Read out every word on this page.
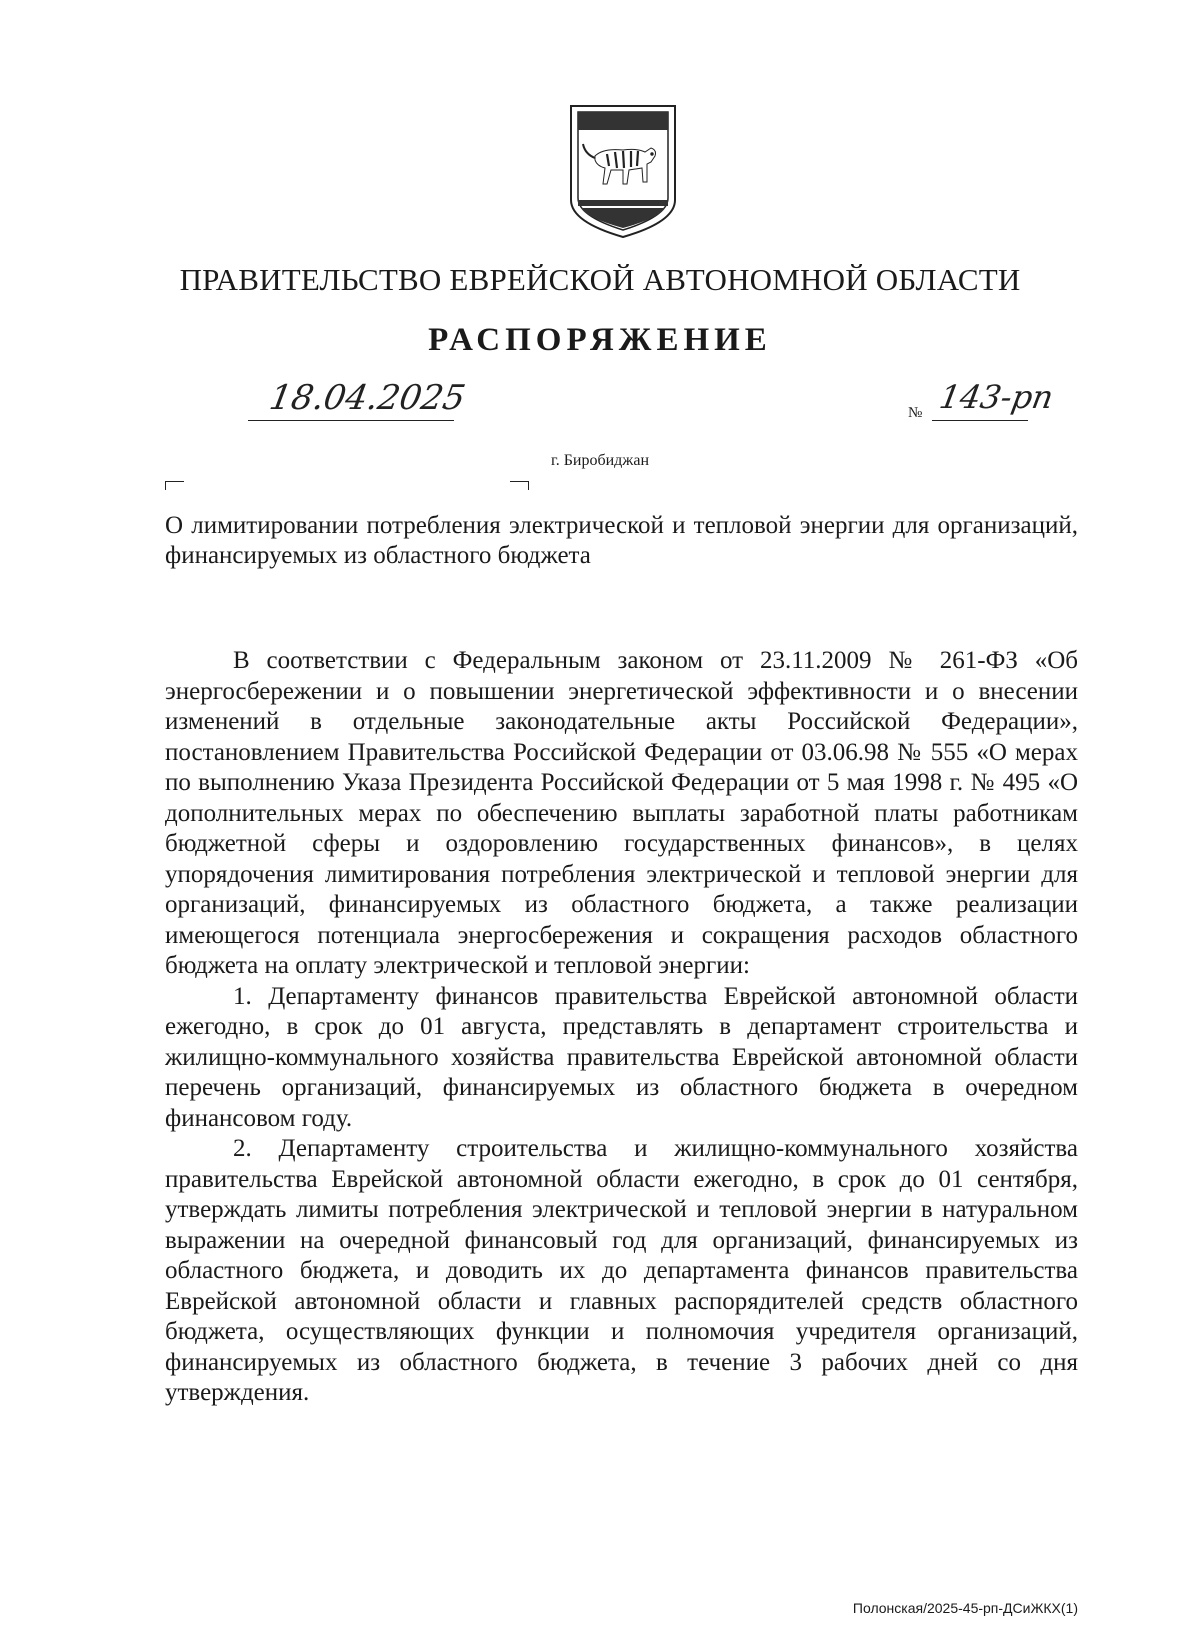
ПРАВИТЕЛЬСТВО ЕВРЕЙСКОЙ АВТОНОМНОЙ ОБЛАСТИ
РАСПОРЯЖЕНИЕ
18.04.2025	№ 143-рп
г. Биробиджан
О лимитировании потребления электрической и тепловой энергии для организаций, финансируемых из областного бюджета

В соответствии с Федеральным законом от 23.11.2009 № 261-ФЗ «Об энергосбережении и о повышении энергетической эффективности и о внесении изменений в отдельные законодательные акты Российской Федерации», постановлением Правительства Российской Федерации от 03.06.98 № 555 «О мерах по выполнению Указа Президента Российской Федерации от 5 мая 1998 г. № 495 «О дополнительных мерах по обеспечению выплаты заработной платы работникам бюджетной сферы и оздоровлению государственных финансов», в целях упорядочения лимитирования потребления электрической и тепловой энергии для организаций, финансируемых из областного бюджета, а также реализации имеющегося потенциала энергосбережения и сокращения расходов областного бюджета на оплату электрической и тепловой энергии:

1. Департаменту финансов правительства Еврейской автономной области ежегодно, в срок до 01 августа, представлять в департамент строительства и жилищно-коммунального хозяйства правительства Еврейской автономной области перечень организаций, финансируемых из областного бюджета в очередном финансовом году.

2. Департаменту строительства и жилищно-коммунального хозяйства правительства Еврейской автономной области ежегодно, в срок до 01 сентября, утверждать лимиты потребления электрической и тепловой энергии в натуральном выражении на очередной финансовый год для организаций, финансируемых из областного бюджета, и доводить их до департамента финансов правительства Еврейской автономной области и главных распорядителей средств областного бюджета, осуществляющих функции и полномочия учредителя организаций, финансируемых из областного бюджета, в течение 3 рабочих дней со дня утверждения.

Полонская/2025-45-рп-ДСиЖКХ(1)
